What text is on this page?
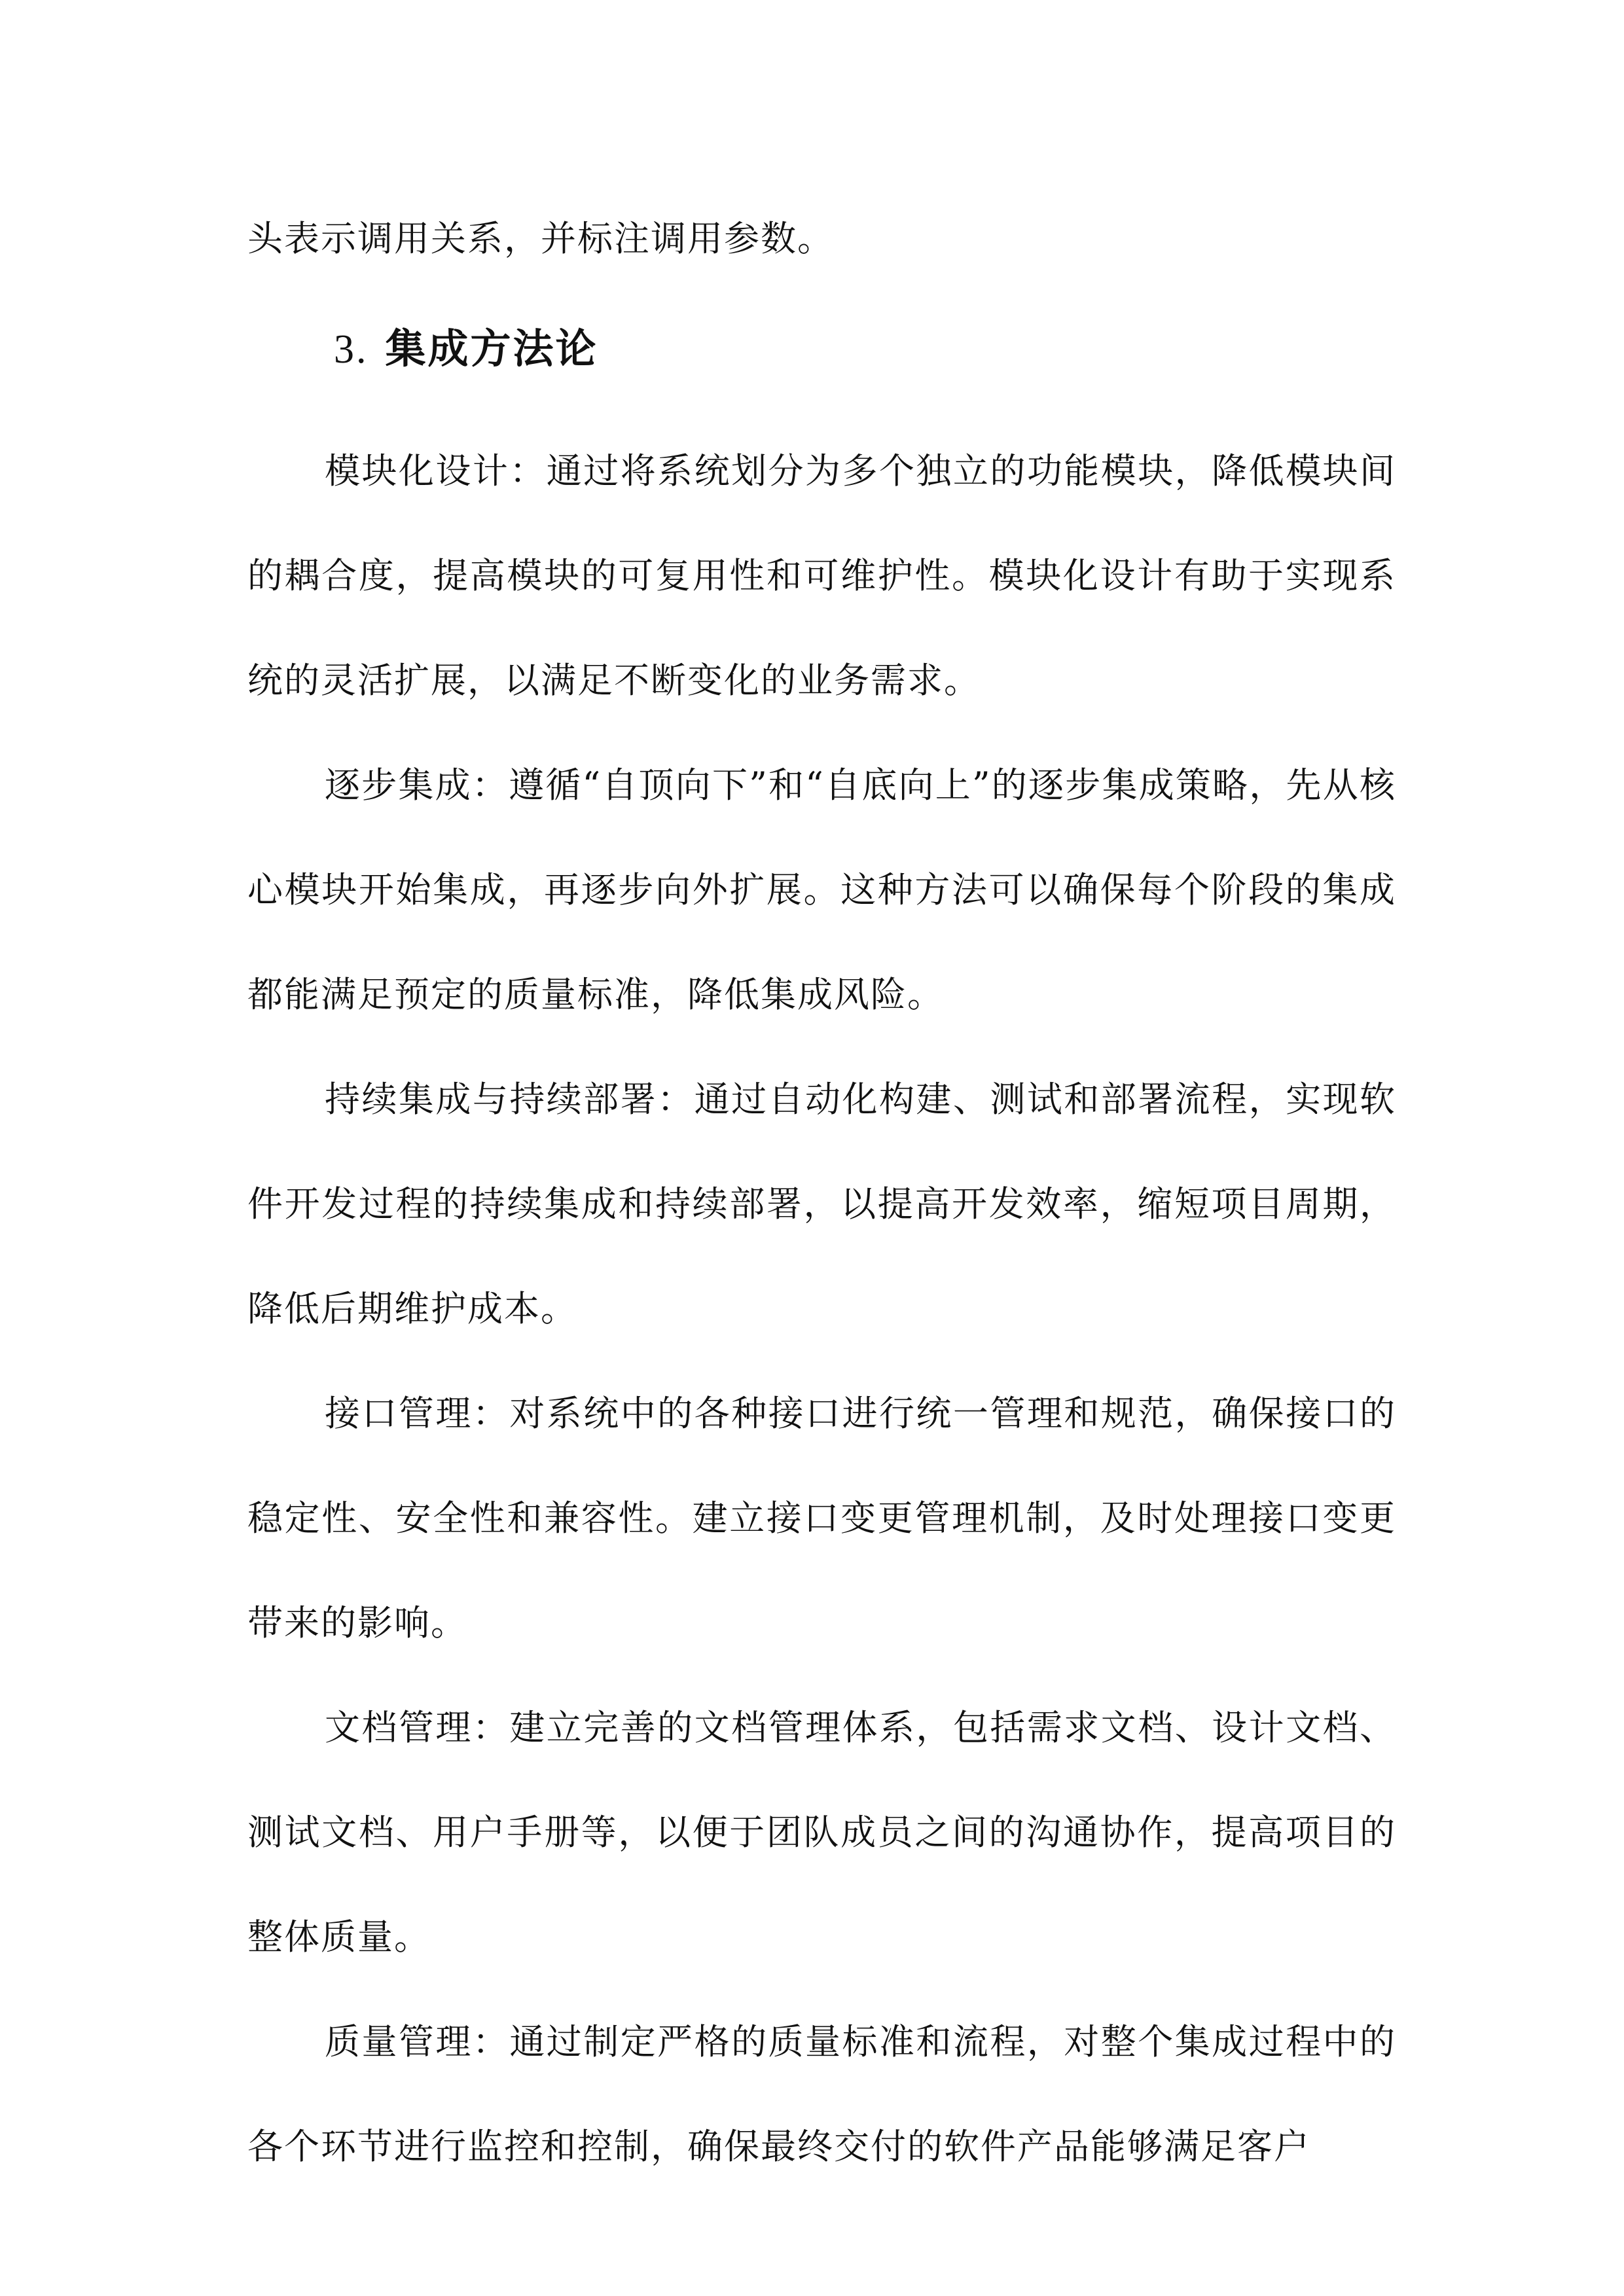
头表示调用关系，并标注调用参数。

3. 集成方法论

模块化设计：通过将系统划分为多个独立的功能模块，降低模块间的耦合度，提高模块的可复用性和可维护性。模块化设计有助于实现系统的灵活扩展，以满足不断变化的业务需求。

逐步集成：遵循“自顶向下”和“自底向上”的逐步集成策略，先从核心模块开始集成，再逐步向外扩展。这种方法可以确保每个阶段的集成都能满足预定的质量标准，降低集成风险。

持续集成与持续部署：通过自动化构建、测试和部署流程，实现软件开发过程的持续集成和持续部署，以提高开发效率，缩短项目周期，降低后期维护成本。

接口管理：对系统中的各种接口进行统一管理和规范，确保接口的稳定性、安全性和兼容性。建立接口变更管理机制，及时处理接口变更带来的影响。

文档管理：建立完善的文档管理体系，包括需求文档、设计文档、测试文档、用户手册等，以便于团队成员之间的沟通协作，提高项目的整体质量。

质量管理：通过制定严格的质量标准和流程，对整个集成过程中的各个环节进行监控和控制，确保最终交付的软件产品能够满足客户
